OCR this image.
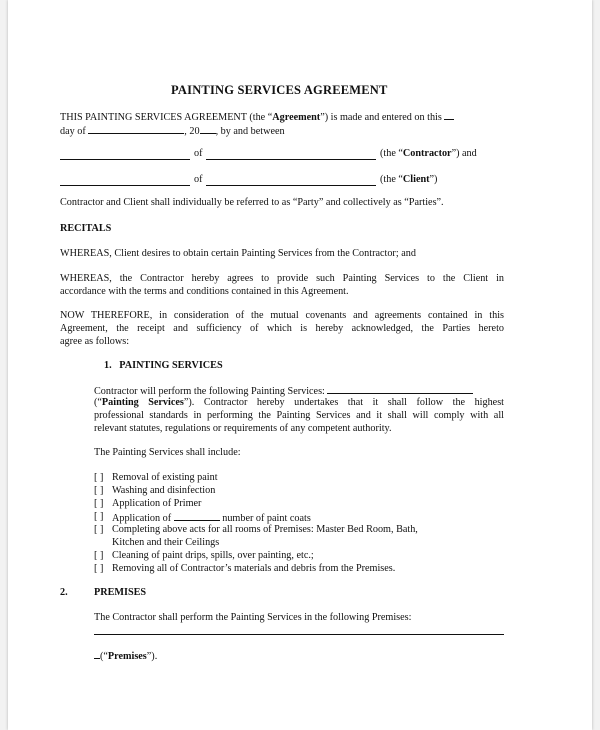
PAINTING SERVICES AGREEMENT
THIS PAINTING SERVICES AGREEMENT (the “Agreement”) is made and entered on this
day of	, 20 , by and between
of	(the “Contractor”) and
of	(the “Client”)
Contractor and Client shall individually be referred to as “Party” and collectively as “Parties”.
RECITALS
WHEREAS, Client desires to obtain certain Painting Services from the Contractor; and
WHEREAS, the Contractor hereby agrees to provide such Painting Services to the Client in
accordance with the terms and conditions contained in this Agreement.
NOW THEREFORE, in consideration of the mutual covenants and agreements contained in this
Agreement, the receipt and sufficiency of which is hereby acknowledged, the Parties hereto
agree as follows:
1.   PAINTING SERVICES
Contractor will perform the following Painting Services:
(“Painting Services”). Contractor hereby undertakes that it shall follow the highest
professional standards in performing the Painting Services and it shall will comply with all
relevant statutes, regulations or requirements of any competent authority.
The Painting Services shall include:
[ ] Removal of existing paint
[ ] Washing and disinfection
[ ] Application of Primer
[ ] Application of	number of paint coats
[ ] Completing above acts for all rooms of Premises: Master Bed Room, Bath,
Kitchen and their Ceilings
[ ] Cleaning of paint drips, spills, over painting, etc.;
[ ] Removing all of Contractor’s materials and debris from the Premises.
2.	PREMISES
The Contractor shall perform the Painting Services in the following Premises:
(“Premises”).
